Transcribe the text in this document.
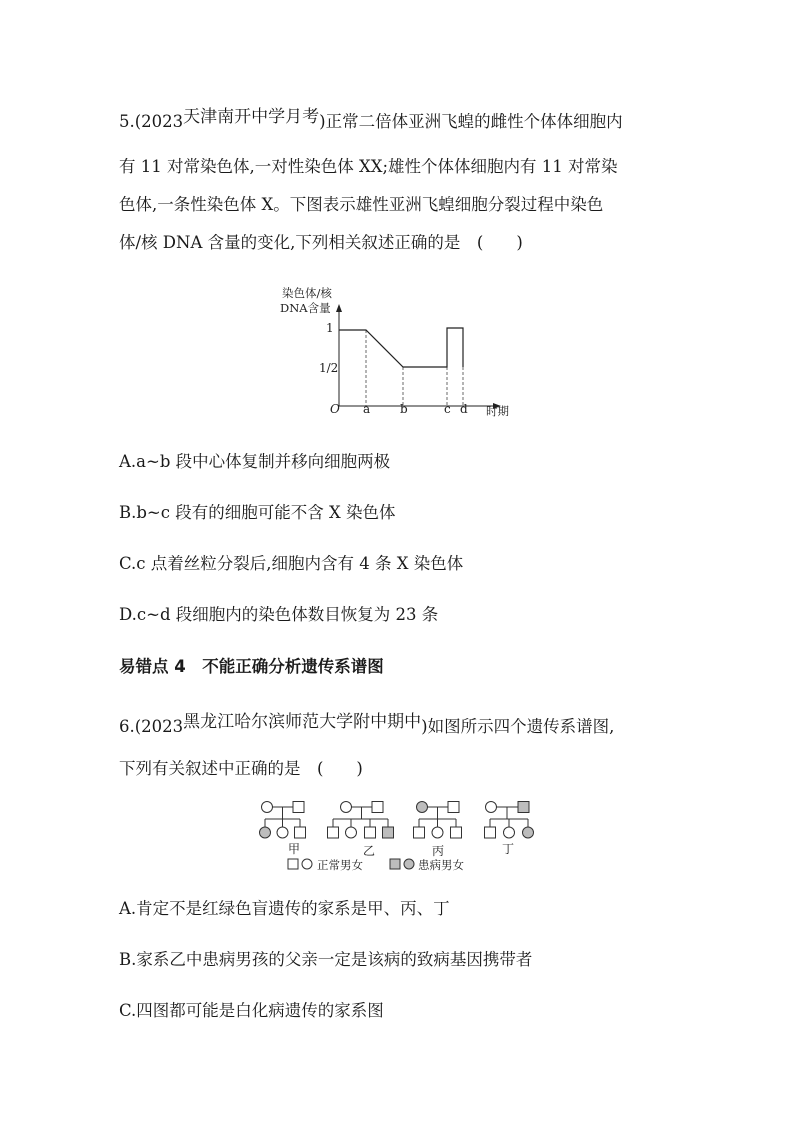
5.(2023天津南开中学月考)正常二倍体亚洲飞蝗的雌性个体体细胞内
有 11 对常染色体,一对性染色体 XX;雄性个体体细胞内有 11 对常染
色体,一条性染色体 X。下图表示雄性亚洲飞蝗细胞分裂过程中染色
体/核 DNA 含量的变化,下列相关叙述正确的是　(　　)
染色体/核
DNA含量
O	时期
1
1/2
a b	c d
A.a~b 段中心体复制并移向细胞两极
B.b~c 段有的细胞可能不含 X 染色体
C.c 点着丝粒分裂后,细胞内含有 4 条 X 染色体
D.c~d 段细胞内的染色体数目恢复为 23 条
易错点 4　不能正确分析遗传系谱图
6.(2023黑龙江哈尔滨师范大学附中期中)如图所示四个遗传系谱图,
下列有关叙述中正确的是　(　　)
甲	乙	丙	丁
正常男女	患病男女
A.肯定不是红绿色盲遗传的家系是甲、丙、丁
B.家系乙中患病男孩的父亲一定是该病的致病基因携带者
C.四图都可能是白化病遗传的家系图
